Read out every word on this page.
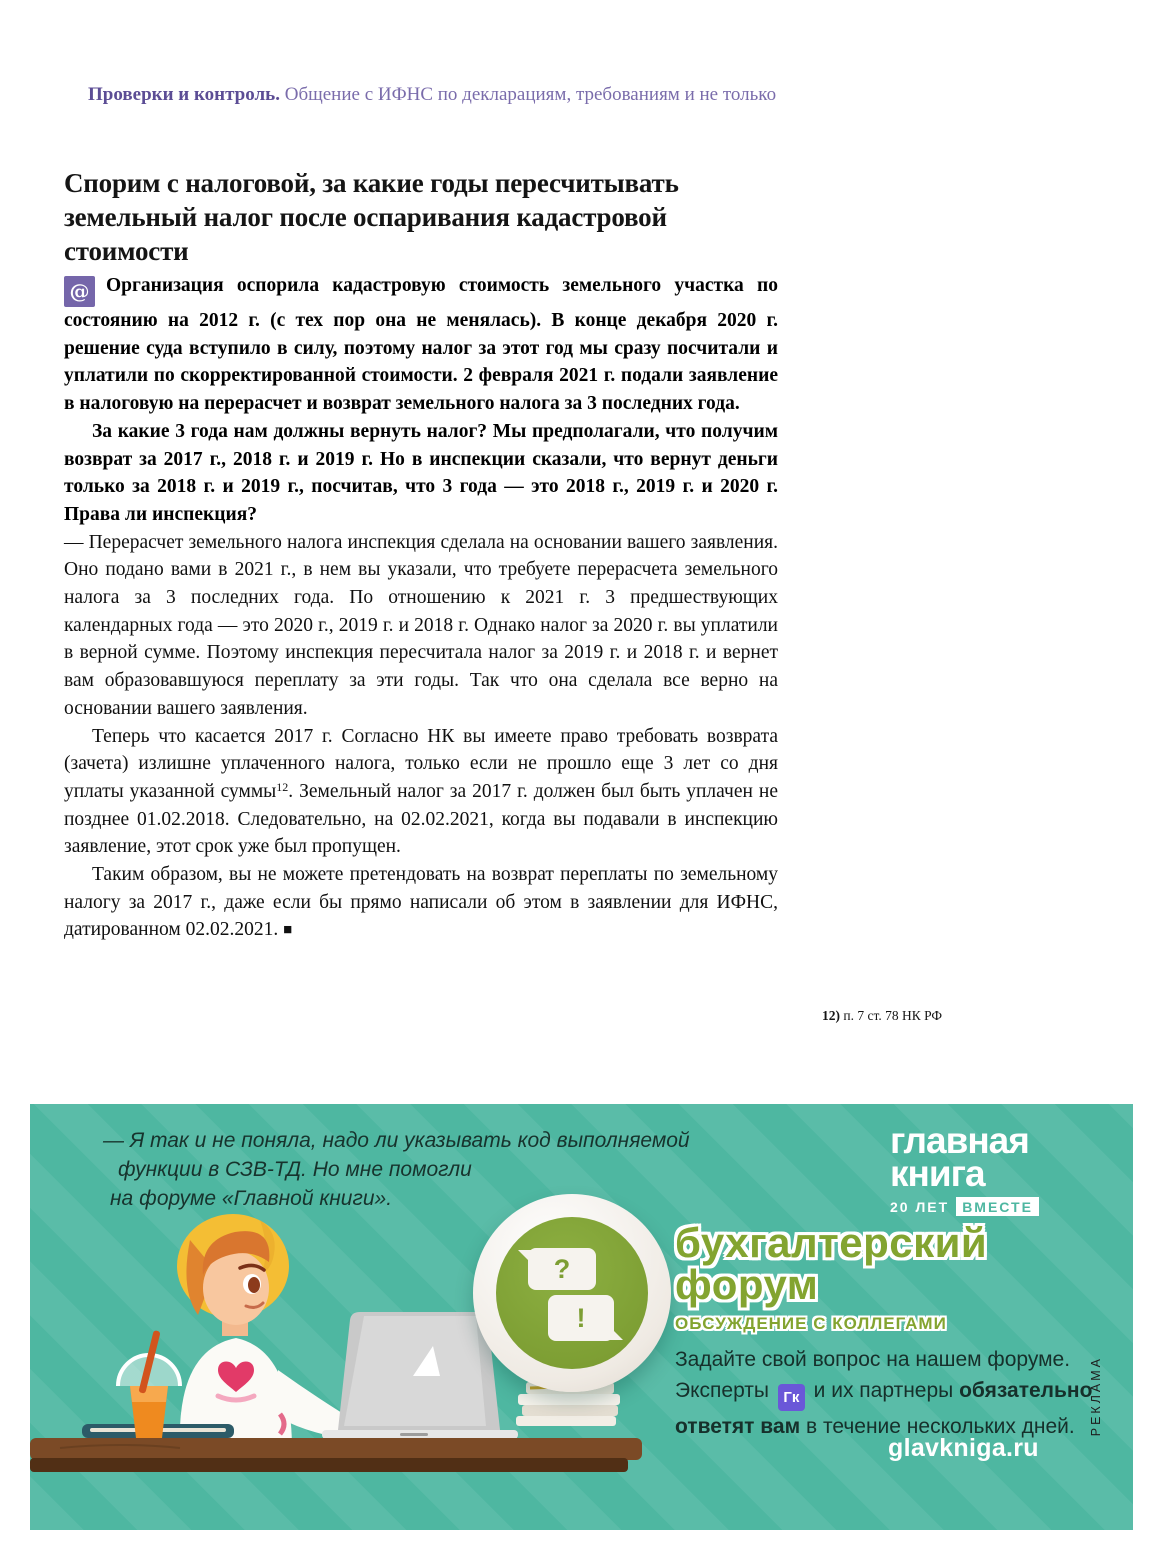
Проверки и контроль. Общение с ИФНС по декларациям, требованиям и не только
Спорим с налоговой, за какие годы пересчитывать земельный налог после оспаривания кадастровой стоимости

@ Организация оспорила кадастровую стоимость земельного участка по состоянию на 2012 г. (с тех пор она не менялась). В конце декабря 2020 г. решение суда вступило в силу, поэтому налог за этот год мы сразу посчитали и уплатили по скорректированной стоимости. 2 февраля 2021 г. подали заявление в налоговую на перерасчет и возврат земельного налога за 3 последних года.

За какие 3 года нам должны вернуть налог? Мы предполагали, что получим возврат за 2017 г., 2018 г. и 2019 г. Но в инспекции сказали, что вернут деньги только за 2018 г. и 2019 г., посчитав, что 3 года — это 2018 г., 2019 г. и 2020 г. Права ли инспекция?

— Перерасчет земельного налога инспекция сделала на основании вашего заявления. Оно подано вами в 2021 г., в нем вы указали, что требуете перерасчета земельного налога за 3 последних года. По отношению к 2021 г. 3 предшествующих календарных года — это 2020 г., 2019 г. и 2018 г. Однако налог за 2020 г. вы уплатили в верной сумме. Поэтому инспекция пересчитала налог за 2019 г. и 2018 г. и вернет вам образовавшуюся переплату за эти годы. Так что она сделала все верно на основании вашего заявления.

Теперь что касается 2017 г. Согласно НК вы имеете право требовать возврата (зачета) излишне уплаченного налога, только если не прошло еще 3 лет со дня уплаты указанной суммы$^{12}$. Земельный налог за 2017 г. должен был быть уплачен не позднее 01.02.2018. Следовательно, на 02.02.2021, когда вы подавали в инспекцию заявление, этот срок уже был пропущен.

Таким образом, вы не можете претендовать на возврат переплаты по земельному налогу за 2017 г., даже если бы прямо написали об этом в заявлении для ИФНС, датированном 02.02.2021. ■

12) п. 7 ст. 78 НК РФ
— Я так и не поняла, надо ли указывать код выполняемой
функции в СЗВ-ТД. Но мне помогли
на форуме «Главной книги».
главная
книга
20 ЛЕТ ВМЕСТЕ
?
!
бухгалтерский
форум
ОБСУЖДЕНИЕ С КОЛЛЕГАМИ
Задайте свой вопрос на нашем форуме.
Эксперты Гк и их партнеры обязательно ответят вам в течение нескольких дней.
glavkniga.ru
РЕКЛАМА
